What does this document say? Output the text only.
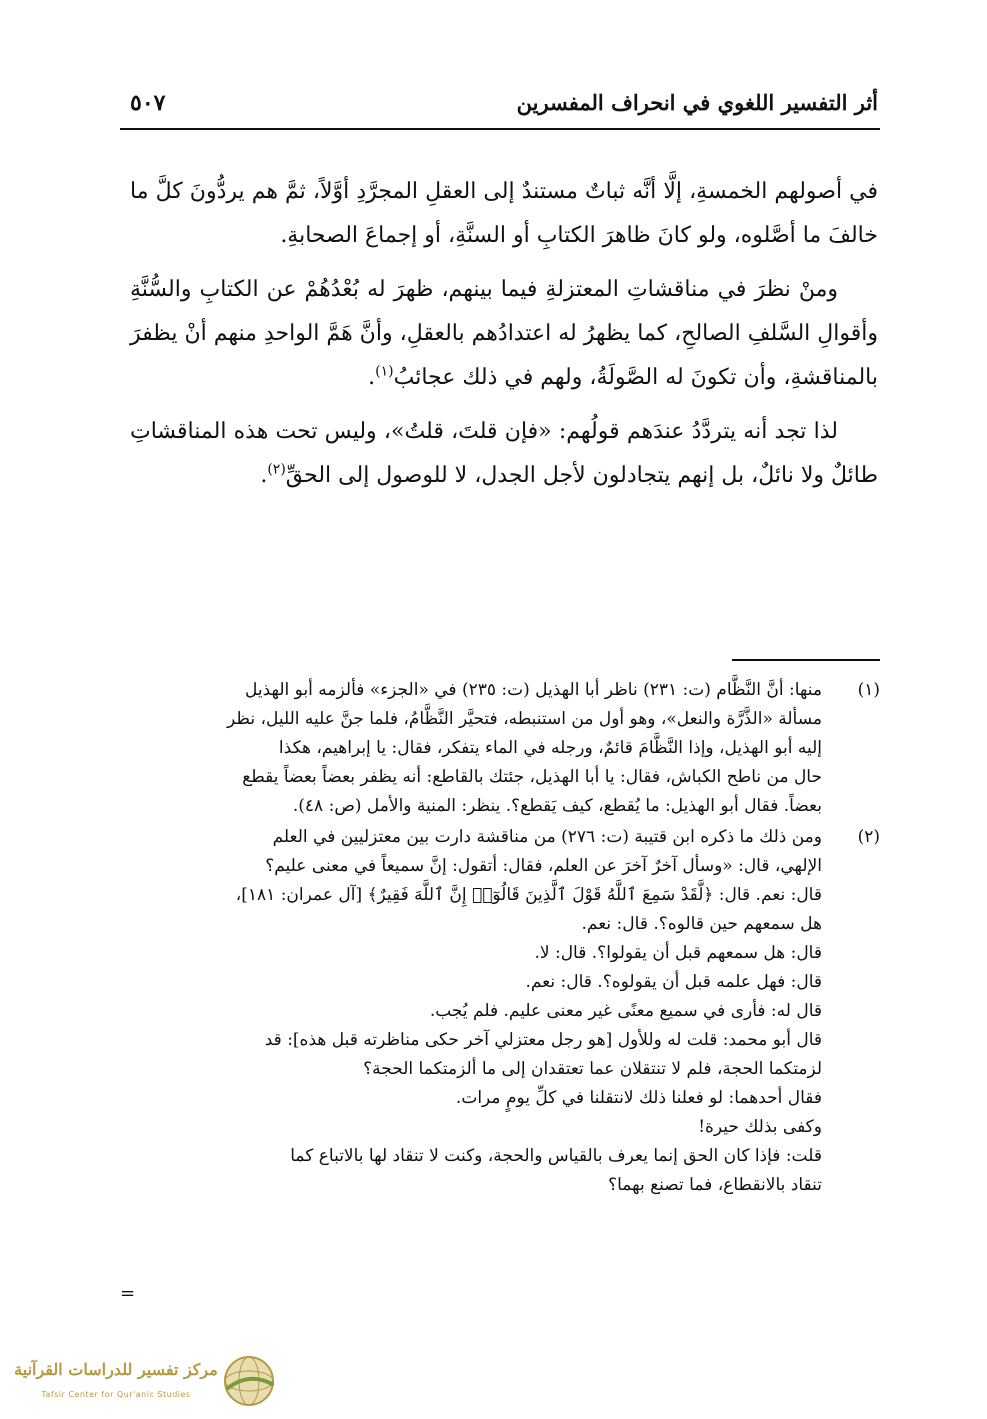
أثر التفسير اللغوي في انحراف المفسرين
٥٠٧

في أصولهم الخمسةِ، إلَّا أنَّه ثباتٌ مستندٌ إلى العقلِ المجرَّدِ أوَّلاً، ثمَّ هم يردُّونَ كلَّ ما خالفَ ما أصَّلوه، ولو كانَ ظاهرَ الكتابِ أو السنَّةِ، أو إجماعَ الصحابةِ.

ومنْ نظرَ في مناقشاتِ المعتزلةِ فيما بينهم، ظهرَ له بُعْدُهُمْ عن الكتابِ والسُّنَّةِ وأقوالِ السَّلفِ الصالحِ، كما يظهرُ له اعتدادُهم بالعقلِ، وأنَّ هَمَّ الواحدِ منهم أنْ يظفرَ بالمناقشةِ، وأن تكونَ له الصَّولَةُ، ولهم في ذلك عجائبُ$^{(١)}$.

لذا تجد أنه يتردَّدُ عندَهم قولُهم: «فإن قلتَ، قلتُ»، وليس تحت هذه المناقشاتِ طائلٌ ولا نائلٌ، بل إنهم يتجادلون لأجل الجدل، لا للوصول إلى الحقِّ$^{(٢)}$.

(١)
منها: أنَّ النَّظَّام (ت: ٢٣١) ناظر أبا الهذيل (ت: ٢٣٥) في «الجزء» فألزمه أبو الهذيل
مسألة «الذَّرَّة والنعل»، وهو أول من استنبطه، فتحيَّر النَّظَّامُ، فلما جنَّ عليه الليل، نظر
إليه أبو الهذيل، وإذا النَّظَّامَ قائمٌ، ورجله في الماء يتفكر، فقال: يا إبراهيم، هكذا
حال من ناطح الكباش، فقال: يا أبا الهذيل، جئتك بالقاطع: أنه يظفر بعضاً بعضاً يقطع
بعضاً. فقال أبو الهذيل: ما يُقطع، كيف يَقطع؟. ينظر: المنية والأمل (ص: ٤٨).
(٢)
ومن ذلك ما ذكره ابن قتيبة (ت: ٢٧٦) من مناقشة دارت بين معتزليين في العلم
الإلهي، قال: «وسأل آخرٌ آخرَ عن العلم، فقال: أتقول: إنَّ سميعاً في معنى عليم؟
قال: نعم. قال: ﴿لَّقَدْ سَمِعَ ٱللَّهُ قَوْلَ ٱلَّذِينَ قَالُوٓا۟ إِنَّ ٱللَّهَ فَقِيرٌ﴾ [آل عمران: ١٨١]،
هل سمعهم حين قالوه؟. قال: نعم.
قال: هل سمعهم قبل أن يقولوا؟. قال: لا.
قال: فهل علمه قبل أن يقولوه؟. قال: نعم.
قال له: فأرى في سميع معنًى غير معنى عليم. فلم يُجب.
قال أبو محمد: قلت له وللأول [هو رجل معتزلي آخر حكى مناظرته قبل هذه]: قد
لزمتكما الحجة، فلم لا تنتقلان عما تعتقدان إلى ما ألزمتكما الحجة؟
فقال أحدهما: لو فعلنا ذلك لانتقلنا في كلِّ يومٍ مرات.
وكفى بذلك حيرة!
قلت: فإذا كان الحق إنما يعرف بالقياس والحجة، وكنت لا تنقاد لها بالاتباع كما
تنقاد بالانقطاع، فما تصنع بهما؟
=
مركز تفسير للدراسات القرآنية
Tafsir Center for Qur'anic Studies
